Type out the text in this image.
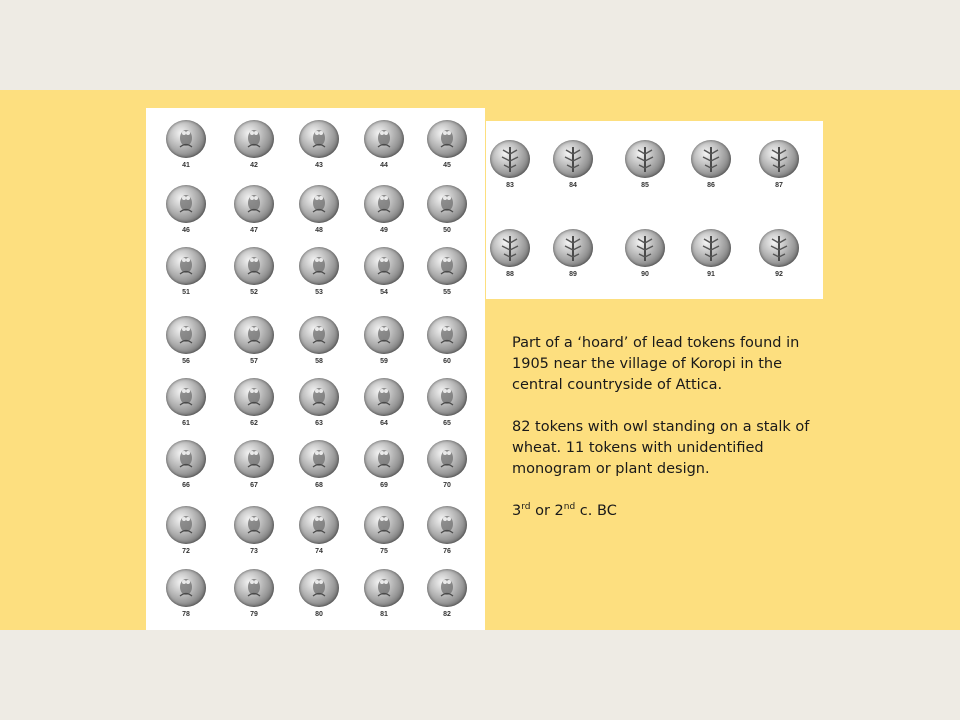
41	42	43	44	45
46	47	48	49	50
51	52	53	54	55
56	57	58	59	60
61	62	63	64	65
66	67	68	69	70
72	73	74	75	76
78	79	80	81	82
83	84	85	86	87
88	89	90	91	92

Part of a ‘hoard’ of lead tokens found in 1905 near the village of Koropi in the central countryside of Attica.

82 tokens with owl standing on a stalk of wheat. 11 tokens with unidentified monogram or plant design.

3rd or 2nd c. BC
